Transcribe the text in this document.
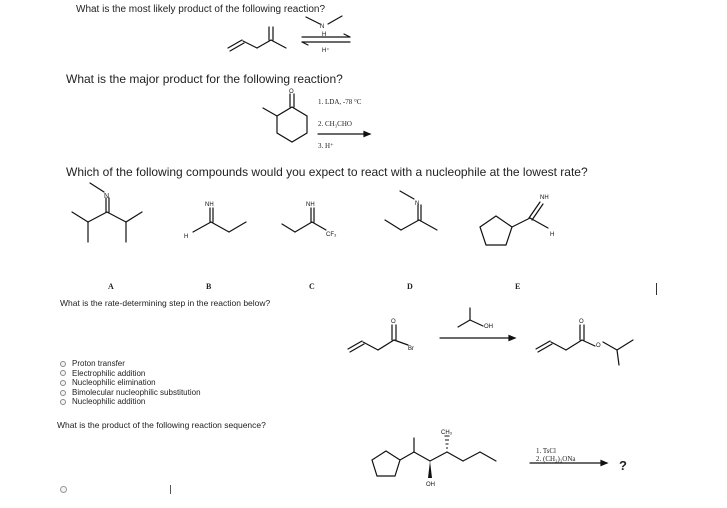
What is the most likely product of the following reaction?
What is the major product for the following reaction?
Which of the following compounds would you expect to react with a nucleophile at the lowest rate?
What is the rate-determining step in the reaction below?
What is the product of the following reaction sequence?
1. LDA, -78 °C
2. CH₃CHO
3. H⁺
A	B	C	D	E
Proton transfer
Electrophilic addition
Nucleophilic elimination
Bimolecular nucleophilic substitution
Nucleophilic addition
1. TsCl
2. (CH₃)₃ONa	?
N
H
H⁺
O
N
NH
H
NH
CF₃
N
NH
H
O
Br
OH
O
O
CH₃
OH
